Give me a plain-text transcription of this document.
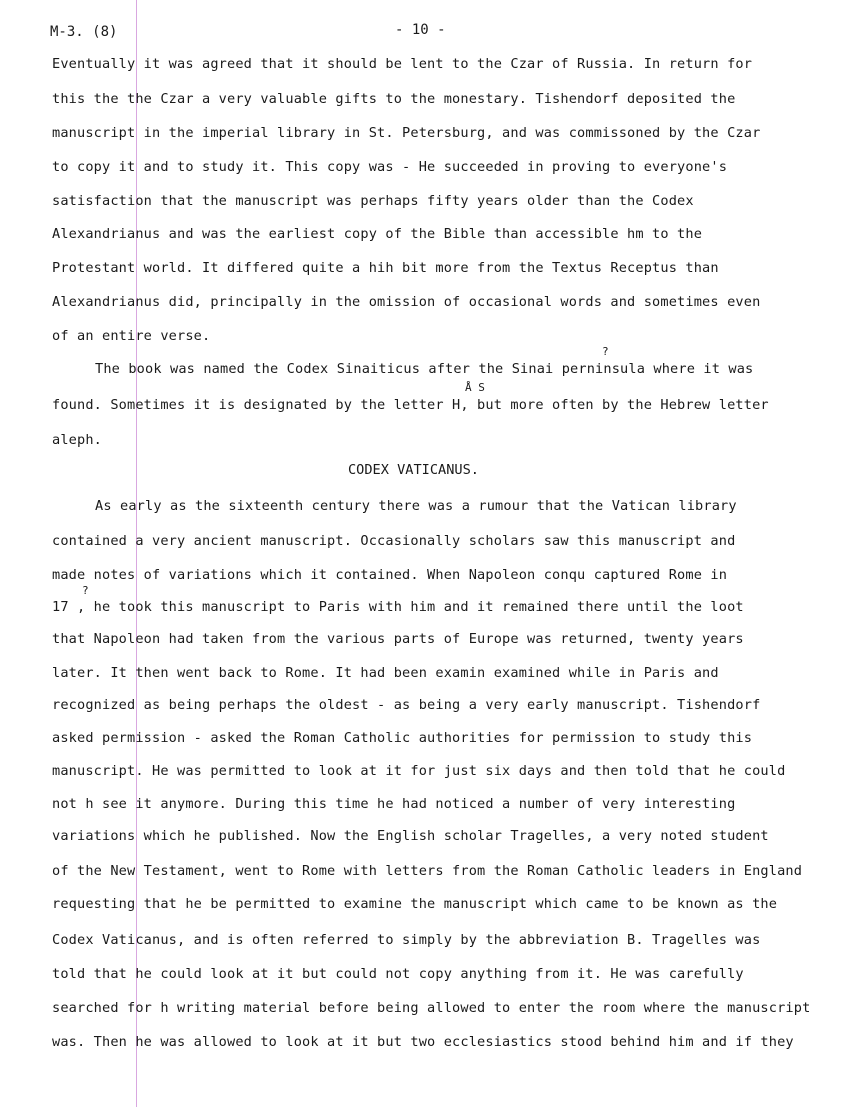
M-3. (8)	- 10 -
Eventually it was agreed that it should be lent to the Czar of Russia. In return for
this the the Czar a very valuable gifts to the monestary. Tishendorf deposited the
manuscript in the imperial library in St. Petersburg, and was commissoned by the Czar
to copy it and to study it. This copy was - He succeeded in proving to everyone's
satisfaction that the manuscript was perhaps fifty years older than the Codex
Alexandrianus and was the earliest copy of the Bible than accessible hm to the
Protestant world. It differed quite a hih bit more from the Textus Receptus than
Alexandrianus did, principally in the omission of occasional words and sometimes even
of an entire verse.
?
The book was named the Codex Sinaiticus after the Sinai perninsula where it was
Å S
found. Sometimes it is designated by the letter H, but more often by the Hebrew letter
aleph.
CODEX VATICANUS.
As early as the sixteenth century there was a rumour that the Vatican library
contained a very ancient manuscript. Occasionally scholars saw this manuscript and
made notes of variations which it contained. When Napoleon conqu captured Rome in
?
17 , he took this manuscript to Paris with him and it remained there until the loot
that Napoleon had taken from the various parts of Europe was returned, twenty years
later. It then went back to Rome. It had been examin examined while in Paris and
recognized as being perhaps the oldest - as being a very early manuscript. Tishendorf
asked permission - asked the Roman Catholic authorities for permission to study this
manuscript. He was permitted to look at it for just six days and then told that he could
not h see it anymore. During this time he had noticed a number of very interesting
variations which he published. Now the English scholar Tragelles, a very noted student
of the New Testament, went to Rome with letters from the Roman Catholic leaders in England
requesting that he be permitted to examine the manuscript which came to be known as the
Codex Vaticanus, and is often referred to simply by the abbreviation B. Tragelles was
told that he could look at it but could not copy anything from it. He was carefully
searched for h writing material before being allowed to enter the room where the manuscript
was. Then he was allowed to look at it but two ecclesiastics stood behind him and if they
